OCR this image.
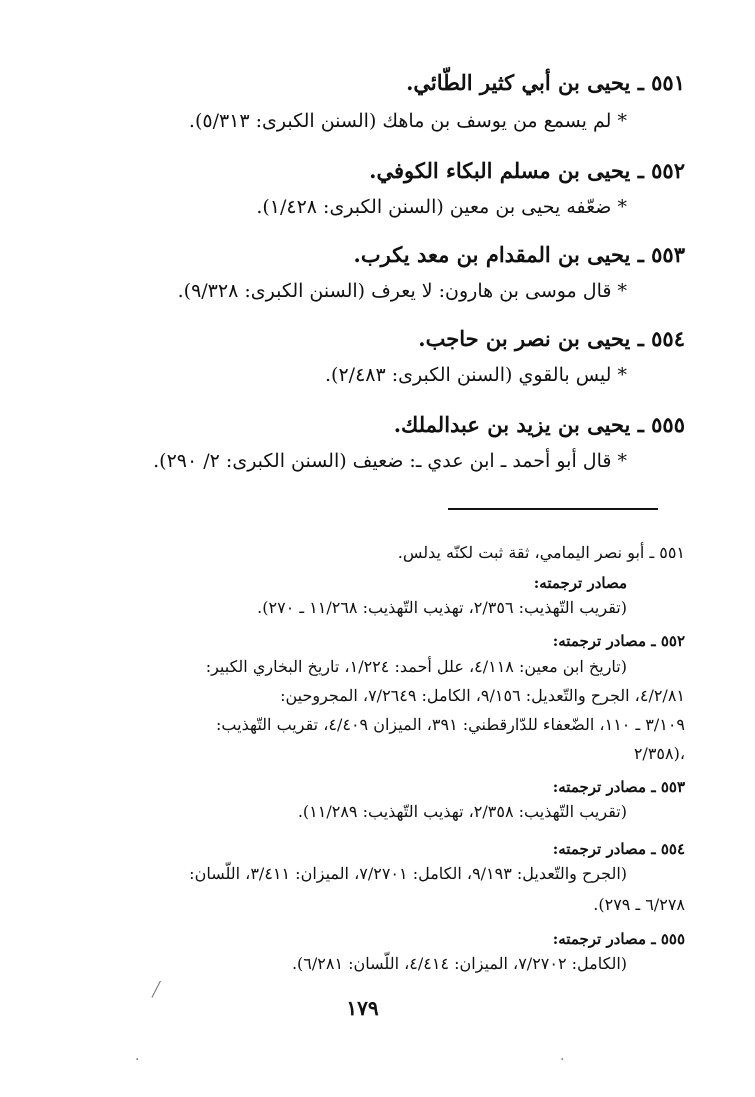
٥٥١ ـ يحيى بن أبي كثير الطّائي.
* لم يسمع من يوسف بن ماهك (السنن الكبرى: ٥/٣١٣).
٥٥٢ ـ يحيى بن مسلم البكاء الكوفي.
* ضعّفه يحيى بن معين (السنن الكبرى: ١/٤٢٨).
٥٥٣ ـ يحيى بن المقدام بن معد يكرب.
* قال موسى بن هارون: لا يعرف (السنن الكبرى: ٩/٣٢٨).
٥٥٤ ـ يحيى بن نصر بن حاجب.
* ليس بالقوي (السنن الكبرى: ٢/٤٨٣).
٥٥٥ ـ يحيى بن يزيد بن عبدالملك.
* قال أبو أحمد ـ ابن عدي ـ: ضعيف (السنن الكبرى: ٢/ ٢٩٠).
٥٥١ ـ أبو نصر اليمامي، ثقة ثبت لكنّه يدلس.
مصادر ترجمته:
(تقريب التّهذيب: ٢/٣٥٦، تهذيب التّهذيب: ١١/٢٦٨ ـ ٢٧٠).
٥٥٢ ـ مصادر ترجمته:
(تاريخ ابن معين: ٤/١١٨، علل أحمد: ١/٢٢٤، تاريخ البخاري الكبير:
٤/٢/٨١، الجرح والتّعديل: ٩/١٥٦، الكامل: ٧/٢٦٤٩، المجروحين:
٣/١٠٩ ـ ١١٠، الضّعفاء للدّارقطني: ٣٩١، الميزان ٤/٤٠٩، تقريب التّهذيب:
٢/٣٥٨)،
٥٥٣ ـ مصادر ترجمته:
(تقريب التّهذيب: ٢/٣٥٨، تهذيب التّهذيب: ١١/٢٨٩).
٥٥٤ ـ مصادر ترجمته:
(الجرح والتّعديل: ٩/١٩٣، الكامل: ٧/٢٧٠١، الميزان: ٣/٤١١، اللّسان:
٦/٢٧٨ ـ ٢٧٩).
٥٥٥ ـ مصادر ترجمته:
(الكامل: ٧/٢٧٠٢، الميزان: ٤/٤١٤، اللّسان: ٦/٢٨١).
١٧٩
╱
·	·
